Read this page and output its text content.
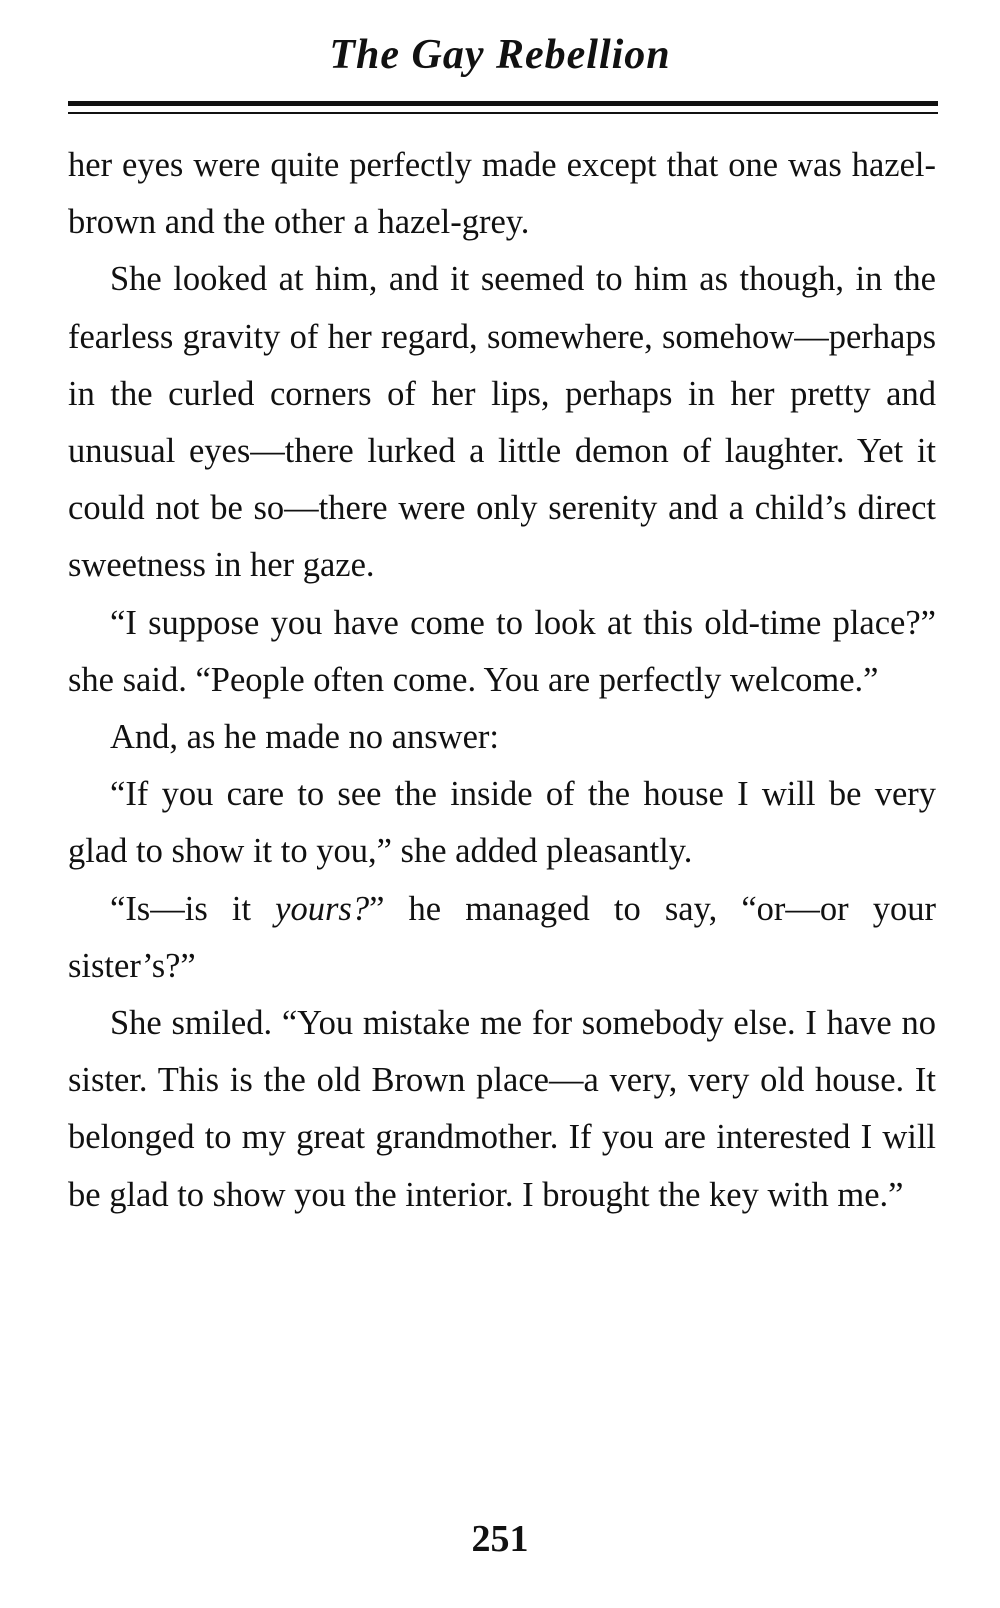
The Gay Rebellion

her eyes were quite perfectly made except that one was hazel-brown and the other a hazel-grey.

She looked at him, and it seemed to him as though, in the fearless gravity of her regard, somewhere, somehow—perhaps in the curled corners of her lips, perhaps in her pretty and unusual eyes—there lurked a little demon of laughter. Yet it could not be so—there were only serenity and a child’s direct sweetness in her gaze.

“I suppose you have come to look at this old-time place?” she said. “People often come. You are perfectly welcome.”

And, as he made no answer:

“If you care to see the inside of the house I will be very glad to show it to you,” she added pleasantly.

“Is—is it yours?” he managed to say, “or—or your sister’s?”

She smiled. “You mistake me for somebody else. I have no sister. This is the old Brown place—a very, very old house. It belonged to my great grandmother. If you are interested I will be glad to show you the interior. I brought the key with me.”

251
